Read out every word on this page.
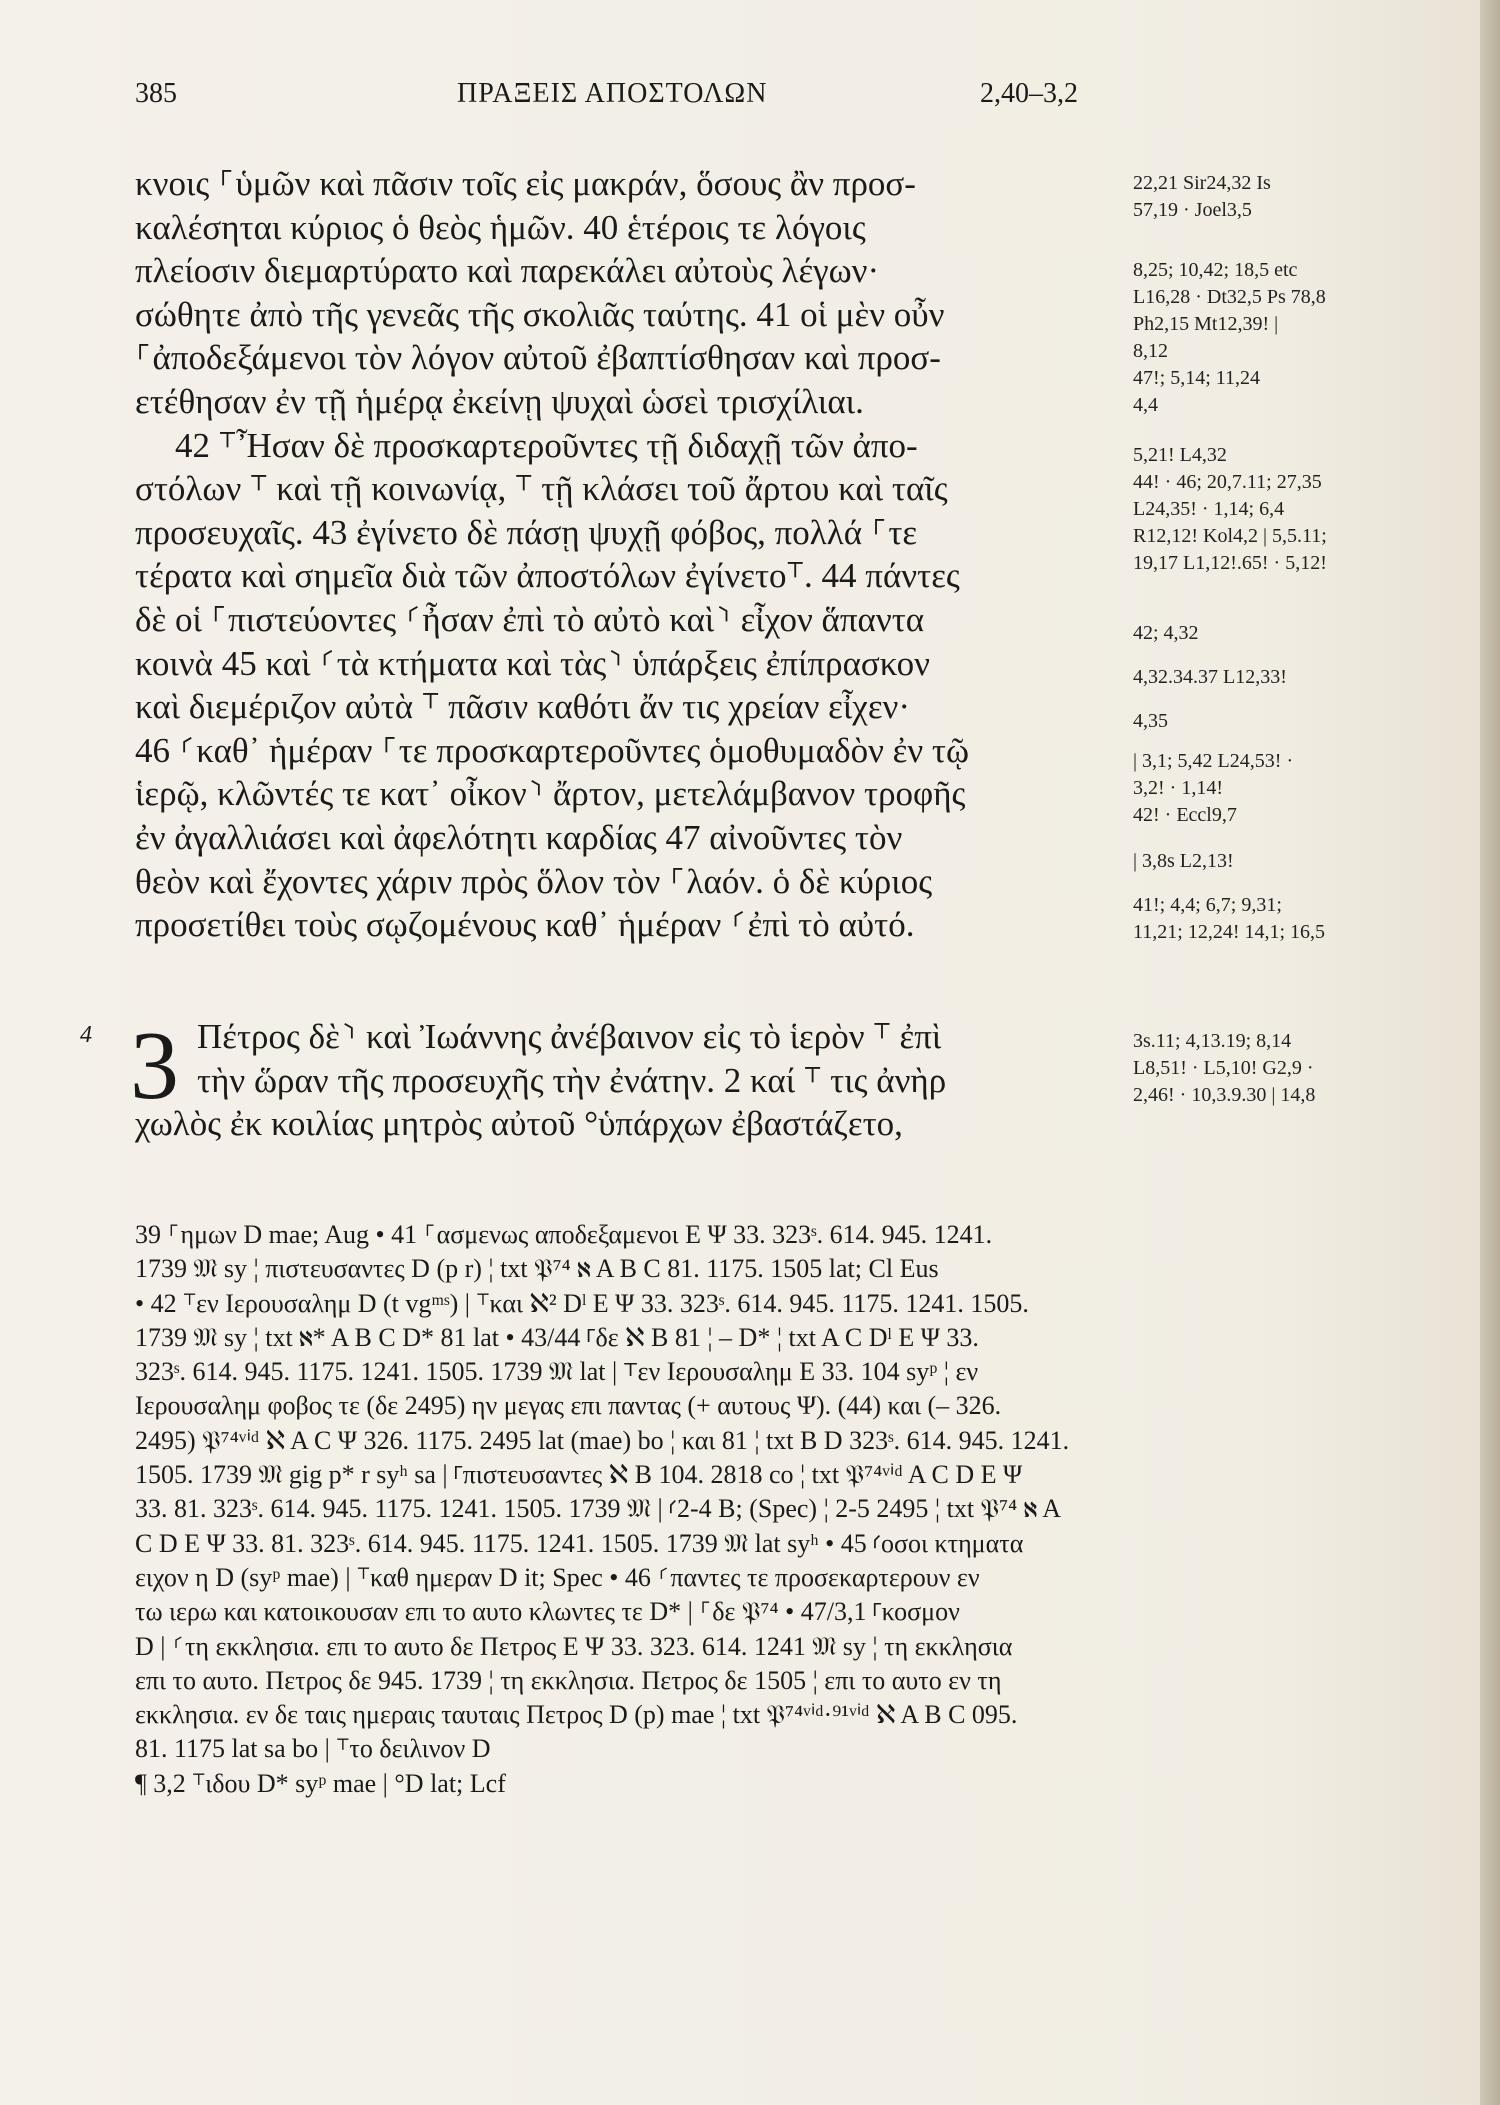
385	ΠΡΑΞΕΙΣ ΑΠΟΣΤΟΛΩΝ	2,40–3,2

κνοις ⸀ὑμῶν καὶ πᾶσιν τοῖς εἰς μακράν, ὅσους ἂν προσ-

καλέσηται κύριος ὁ θεὸς ἡμῶν. 40 ἑτέροις τε λόγοις

πλείοσιν διεμαρτύρατο καὶ παρεκάλει αὐτοὺς λέγων·

σώθητε ἀπὸ τῆς γενεᾶς τῆς σκολιᾶς ταύτης. 41 οἱ μὲν οὖν

⸀ἀποδεξάμενοι τὸν λόγον αὐτοῦ ἐβαπτίσθησαν καὶ προσ-

ετέθησαν ἐν τῇ ἡμέρᾳ ἐκείνῃ ψυχαὶ ὡσεὶ τρισχίλιαι.

42 ⸆Ἦσαν δὲ προσκαρτεροῦντες τῇ διδαχῇ τῶν ἀπο-

στόλων ⸆ καὶ τῇ κοινωνίᾳ, ⸆ τῇ κλάσει τοῦ ἄρτου καὶ ταῖς

προσευχαῖς. 43 ἐγίνετο δὲ πάσῃ ψυχῇ φόβος, πολλά ⸀τε

τέρατα καὶ σημεῖα διὰ τῶν ἀποστόλων ἐγίνετο⸆. 44 πάντες

δὲ οἱ ⸀πιστεύοντες ⸂ἦσαν ἐπὶ τὸ αὐτὸ καὶ⸃ εἶχον ἅπαντα

κοινὰ 45 καὶ ⸂τὰ κτήματα καὶ τὰς⸃ ὑπάρξεις ἐπίπρασκον

καὶ διεμέριζον αὐτὰ ⸆ πᾶσιν καθότι ἄν τις χρείαν εἶχεν·

46 ⸂καθ᾽ ἡμέραν ⸀τε προσκαρτεροῦντες ὁμοθυμαδὸν ἐν τῷ

ἱερῷ, κλῶντές τε κατ᾽ οἶκον⸃ ἄρτον, μετελάμβανον τροφῆς

ἐν ἀγαλλιάσει καὶ ἀφελότητι καρδίας 47 αἰνοῦντες τὸν

θεὸν καὶ ἔχοντες χάριν πρὸς ὅλον τὸν ⸀λαόν. ὁ δὲ κύριος

προσετίθει τοὺς σῳζομένους καθ᾽ ἡμέραν ⸂ἐπὶ τὸ αὐτό.

4 3 Πέτρος δὲ⸃ καὶ Ἰωάννης ἀνέβαινον εἰς τὸ ἱερὸν ⸆ ἐπὶ

τὴν ὥραν τῆς προσευχῆς τὴν ἐνάτην. 2 καί ⸆ τις ἀνὴρ

χωλὸς ἐκ κοιλίας μητρὸς αὐτοῦ °ὑπάρχων ἐβαστάζετο,

22,21 Sir24,32 Is
57,19 · Joel3,5
8,25; 10,42; 18,5 etc
L16,28 · Dt32,5 Ps 78,8
Ph2,15 Mt12,39! |
8,12
47!; 5,14; 11,24
4,4
5,21! L4,32
44! · 46; 20,7.11; 27,35
L24,35! · 1,14; 6,4
R12,12! Kol4,2 | 5,5.11;
19,17 L1,12!.65! · 5,12!
42; 4,32
4,32.34.37 L12,33!
4,35
| 3,1; 5,42 L24,53! ·
3,2! · 1,14!
42! · Eccl9,7
| 3,8s L2,13!
41!; 4,4; 6,7; 9,31;
11,21; 12,24! 14,1; 16,5
3s.11; 4,13.19; 8,14
L8,51! · L5,10! G2,9 ·
2,46! · 10,3.9.30 | 14,8

39 ⸀ημων D mae; Aug • 41 ⸀ασμενως αποδεξαμενοι E Ψ 33. 323ˢ. 614. 945. 1241.

1739 𝔐 sy ¦ πιστευσαντες D (p r) ¦ txt 𝔓⁷⁴ ℵ A B C 81. 1175. 1505 lat; Cl Eus

• 42 ⸆εν Ιερουσαλημ D (t vgᵐˢ) | ⸆και ℵ² Dˡ E Ψ 33. 323ˢ. 614. 945. 1175. 1241. 1505.

1739 𝔐 sy ¦ txt ℵ* A B C D* 81 lat • 43/44 ⸀δε ℵ B 81 ¦ – D* ¦ txt A C Dˡ E Ψ 33.

323ˢ. 614. 945. 1175. 1241. 1505. 1739 𝔐 lat | ⸆εν Ιερουσαλημ E 33. 104 syᵖ ¦ εν

Ιερουσαλημ φοβος τε (δε 2495) ην μεγας επι παντας (+ αυτους Ψ). (44) και (– 326.

2495) 𝔓⁷⁴ᵛⁱᵈ ℵ A C Ψ 326. 1175. 2495 lat (mae) bo ¦ και 81 ¦ txt B D 323ˢ. 614. 945. 1241.

1505. 1739 𝔐 gig p* r syʰ sa | ⸀πιστευσαντες ℵ B 104. 2818 co ¦ txt 𝔓⁷⁴ᵛⁱᵈ A C D E Ψ

33. 81. 323ˢ. 614. 945. 1175. 1241. 1505. 1739 𝔐 | ⸂2-4 B; (Spec) ¦ 2-5 2495 ¦ txt 𝔓⁷⁴ ℵ A

C D E Ψ 33. 81. 323ˢ. 614. 945. 1175. 1241. 1505. 1739 𝔐 lat syʰ • 45 ⸂οσοι κτηματα

ειχον η D (syᵖ mae) | ⸆καθ ημεραν D it; Spec • 46 ⸂παντες τε προσεκαρτερουν εν

τω ιερω και κατοικουσαν επι το αυτο κλωντες τε D* | ⸀δε 𝔓⁷⁴ • 47/3,1 ⸀κοσμον

D | ⸂τη εκκλησια. επι το αυτο δε Πετρος E Ψ 33. 323. 614. 1241 𝔐 sy ¦ τη εκκλησια

επι το αυτο. Πετρος δε 945. 1739 ¦ τη εκκλησια. Πετρος δε 1505 ¦ επι το αυτο εν τη

εκκλησια. εν δε ταις ημεραις ταυταις Πετρος D (p) mae ¦ txt 𝔓⁷⁴ᵛⁱᵈ·⁹¹ᵛⁱᵈ ℵ A B C 095.

81. 1175 lat sa bo | ⸆το δειλινον D

¶ 3,2 ⸆ιδου D* syᵖ mae | °D lat; Lcf
